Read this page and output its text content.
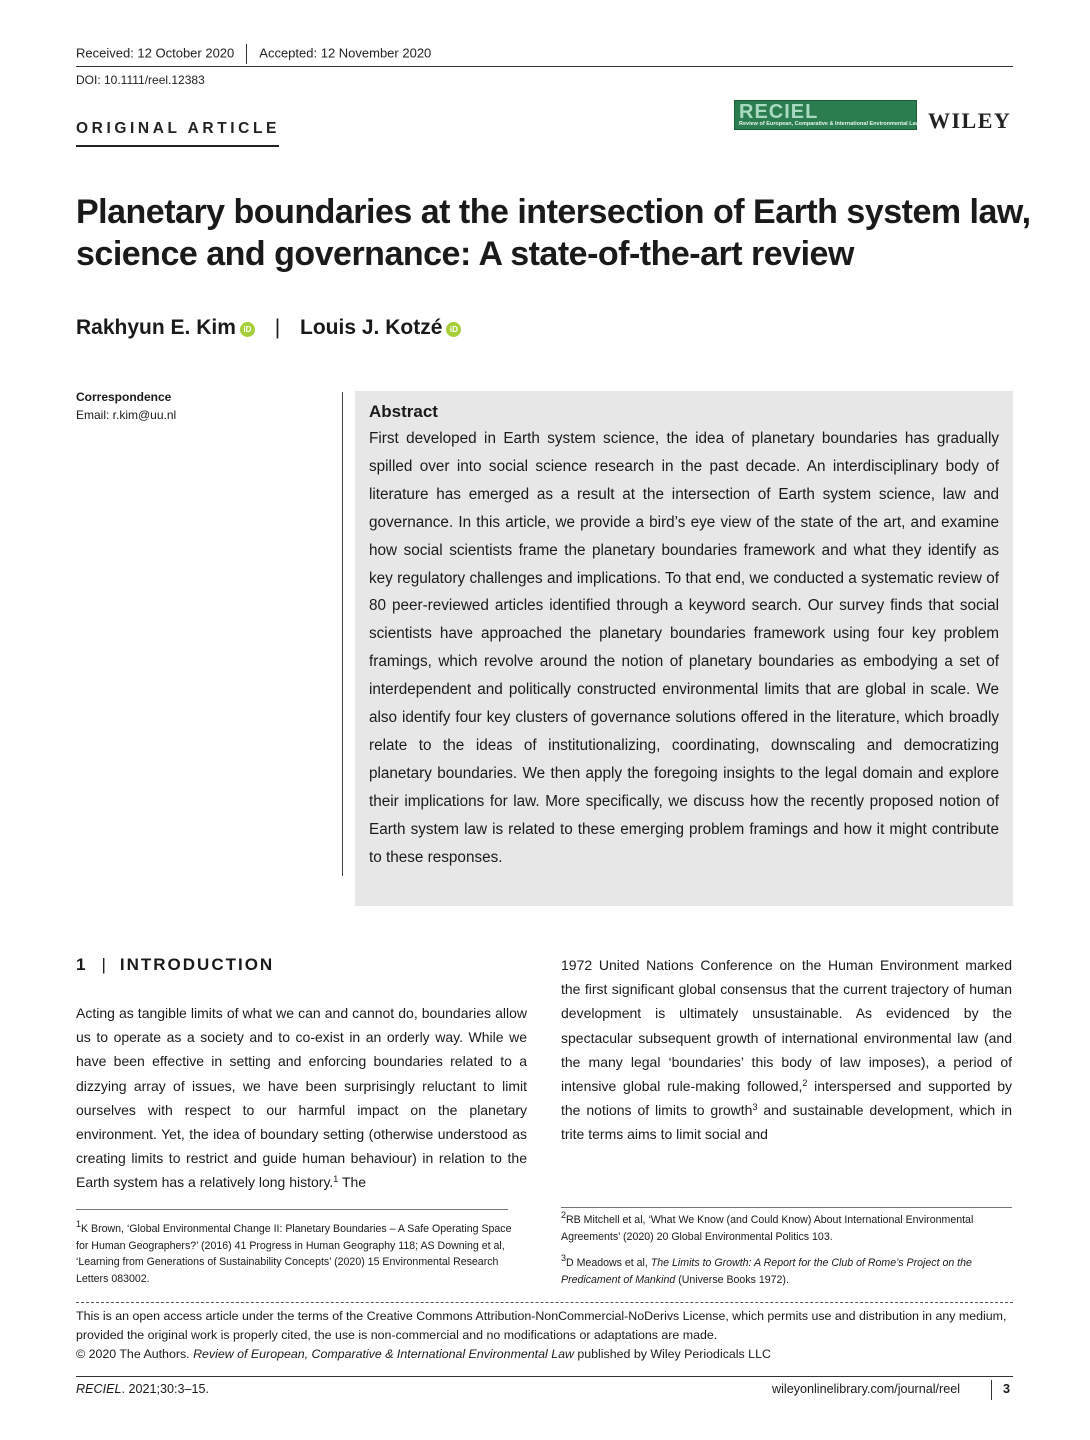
Received: 12 October 2020 Accepted: 12 November 2020
DOI: 10.1111/reel.12383
ORIGINAL ARTICLE
RECIEL
Review of European, Comparative & International Environmental Law WILEY
Planetary boundaries at the intersection of Earth system law, science and governance: A state-of-the-art review
Rakhyun E. Kim iD | Louis J. Kotzé iD
Correspondence
Email: r.kim@uu.nl	Abstract

First developed in Earth system science, the idea of planetary boundaries has gradually spilled over into social science research in the past decade. An interdisciplinary body of literature has emerged as a result at the intersection of Earth system science, law and governance. In this article, we provide a bird’s eye view of the state of the art, and examine how social scientists frame the planetary boundaries framework and what they identify as key regulatory challenges and implications. To that end, we conducted a systematic review of 80 peer-reviewed articles identified through a keyword search. Our survey finds that social scientists have approached the planetary boundaries framework using four key problem framings, which revolve around the notion of planetary boundaries as embodying a set of interdependent and politically constructed environmental limits that are global in scale. We also identify four key clusters of governance solutions offered in the literature, which broadly relate to the ideas of institutionalizing, coordinating, downscaling and democratizing planetary boundaries. We then apply the foregoing insights to the legal domain and explore their implications for law. More specifically, we discuss how the recently proposed notion of Earth system law is related to these emerging problem framings and how it might contribute to these responses.

1 | INTRODUCTION
Acting as tangible limits of what we can and cannot do, boundaries allow us to operate as a society and to co-exist in an orderly way. While we have been effective in setting and enforcing boundaries related to a dizzying array of issues, we have been surprisingly reluctant to limit ourselves with respect to our harmful impact on the planetary environment. Yet, the idea of boundary setting (otherwise understood as creating limits to restrict and guide human behaviour) in relation to the Earth system has a relatively long history.$^1$ The
1972 United Nations Conference on the Human Environment marked the first significant global consensus that the current trajectory of human development is ultimately unsustainable. As evidenced by the spectacular subsequent growth of international environmental law (and the many legal ‘boundaries’ this body of law imposes), a period of intensive global rule-making followed,$^2$ interspersed and supported by the notions of limits to growth$^3$ and sustainable development, which in trite terms aims to limit social and
$^1$K Brown, ‘Global Environmental Change II: Planetary Boundaries – A Safe Operating Space for Human Geographers?’ (2016) 41 Progress in Human Geography 118; AS Downing et al, ‘Learning from Generations of Sustainability Concepts’ (2020) 15 Environmental Research Letters 083002.
$^2$RB Mitchell et al, ‘What We Know (and Could Know) About International Environmental Agreements’ (2020) 20 Global Environmental Politics 103.
$^3$D Meadows et al, The Limits to Growth: A Report for the Club of Rome’s Project on the Predicament of Mankind (Universe Books 1972).
This is an open access article under the terms of the Creative Commons Attribution-NonCommercial-NoDerivs License, which permits use and distribution in any medium, provided the original work is properly cited, the use is non-commercial and no modifications or adaptations are made.
© 2020 The Authors. Review of European, Comparative & International Environmental Law published by Wiley Periodicals LLC
RECIEL. 2021;30:3–15.	wileyonlinelibrary.com/journal/reel	3
